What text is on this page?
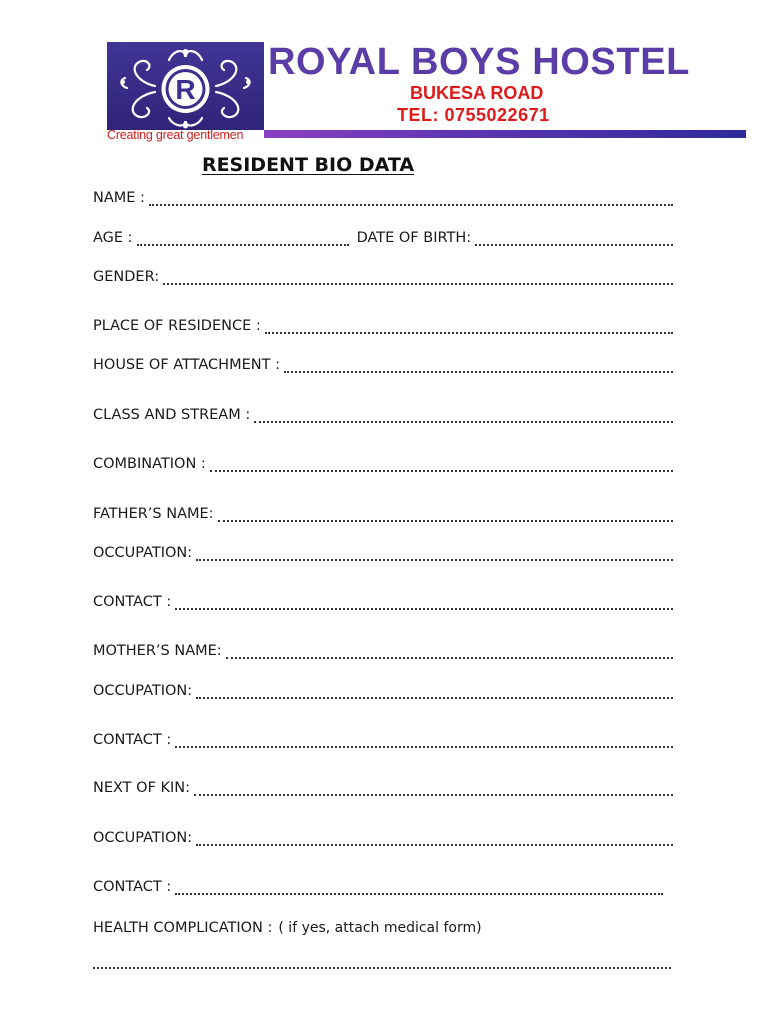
R
Creating great gentlemen
ROYAL BOYS HOSTEL
BUKESA ROAD
TEL: 0755022671
RESIDENT BIO DATA
NAME :
AGE :	DATE OF BIRTH:
GENDER:
PLACE OF RESIDENCE :
HOUSE OF ATTACHMENT :
CLASS AND STREAM :
COMBINATION :
FATHER’S NAME:
OCCUPATION:
CONTACT :
MOTHER’S NAME:
OCCUPATION:
CONTACT :
NEXT OF KIN:
OCCUPATION:
CONTACT :
HEALTH COMPLICATION : ( if yes, attach medical form)
